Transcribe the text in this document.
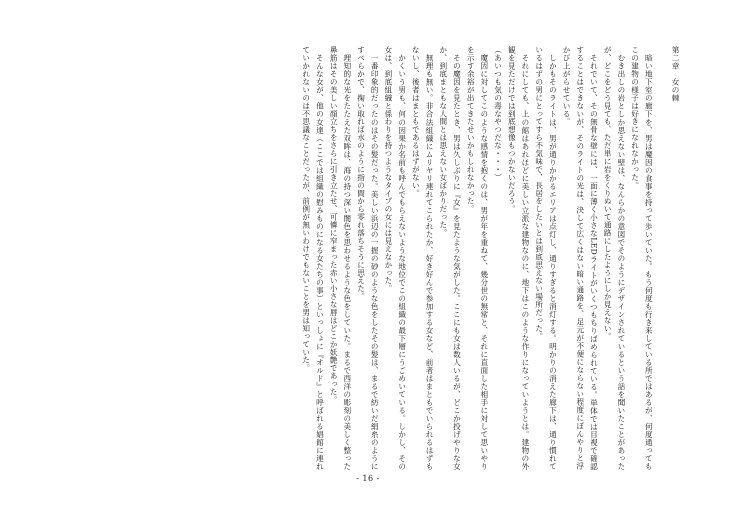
第二章　女の棘

暗い地下室の廊下を、男は魔因の食事を持って歩いていた。もう何度も行き来している所ではあるが、何度通ってもこの建物の様子は好きになれなかった。

むき出しの岩としか思えない壁は、なんらかの意図でそのようにデザインされているという話を聞いたことがあったが、どこをどう見ても、ただ単に岩をくりぬいて通路にしたようにしか見えない。

それでいて、その無骨な壁には、一面に薄く小さなLEDライトがいくつもちりばめられている。単体では目視で確認することはできないが、そのライトの光は、決して広くはない暗い通路を、足元が不便にならない程度にぼんやりと浮かび上がらせている。

しかもそのライトは、男が通りかかるエリアは点灯し、通りすぎると消灯する。明かりの消えた廊下は、通り慣れているはずの男にとってすら不気味で、長居をしたいとは到底思えない場所だった。

それにしても、上の館はあれほどに美しい立派な建物なのに、地下はこのような作りになっていようとは。建物の外観を見ただけでは到底想像もつかないだろう。

（あいつも気の毒なやつだな・・・）

魔因に対してこのような感情を抱くのは、男が年を重ねて、幾分世の無常と、それに直面した相手に対して思いやりを示す余裕が出てきたせいかもしれなかった。

その魔因を見たとき、男は久しぶりに『女』を見たような気がした。ここにも女は数人いるが、どこか投げやりな女か、到底まともな人間とは思えない女ばかりだった。

無理も無い。非合法組織にムリヤリ連れてこられたか、好き好んで参加する女など、前者はまともでいられるはずもないし、後者はまともであるはずがない。

かくいう男も、何の因果か名前も呼んでもらえないような地位でこの組織の最下層にうごめいている。しかし、その女は、到底組織と係わりを持つようなタイプの女には見えなかった。

一番印象的だったのはその髪だった。美しい浜辺の一握の砂のような色をしたその髪は、まるで紡いだ絹糸のようにすべらかで、掬い取れば水のように指の間から零れ落ちそうに思えた。

理知的な光をたたえた双眸は、海の持つ深い闇色を思わせるような色をしていた。まるで西洋の彫刻の美しく整った鼻筋はその美しい顔立ちをさらに引き立たせ、可憐に窄まった赤い小さな唇はどこか妖艶であった。

そんな女が、他の女達（ここでは組織の慰みものになる女たちの事）といっしょに『オルド』と呼ばれる娼館に連れていかれないのは不思議なことだったが、前例が無いわけでもないことを男は知っていた。

- 16 -
